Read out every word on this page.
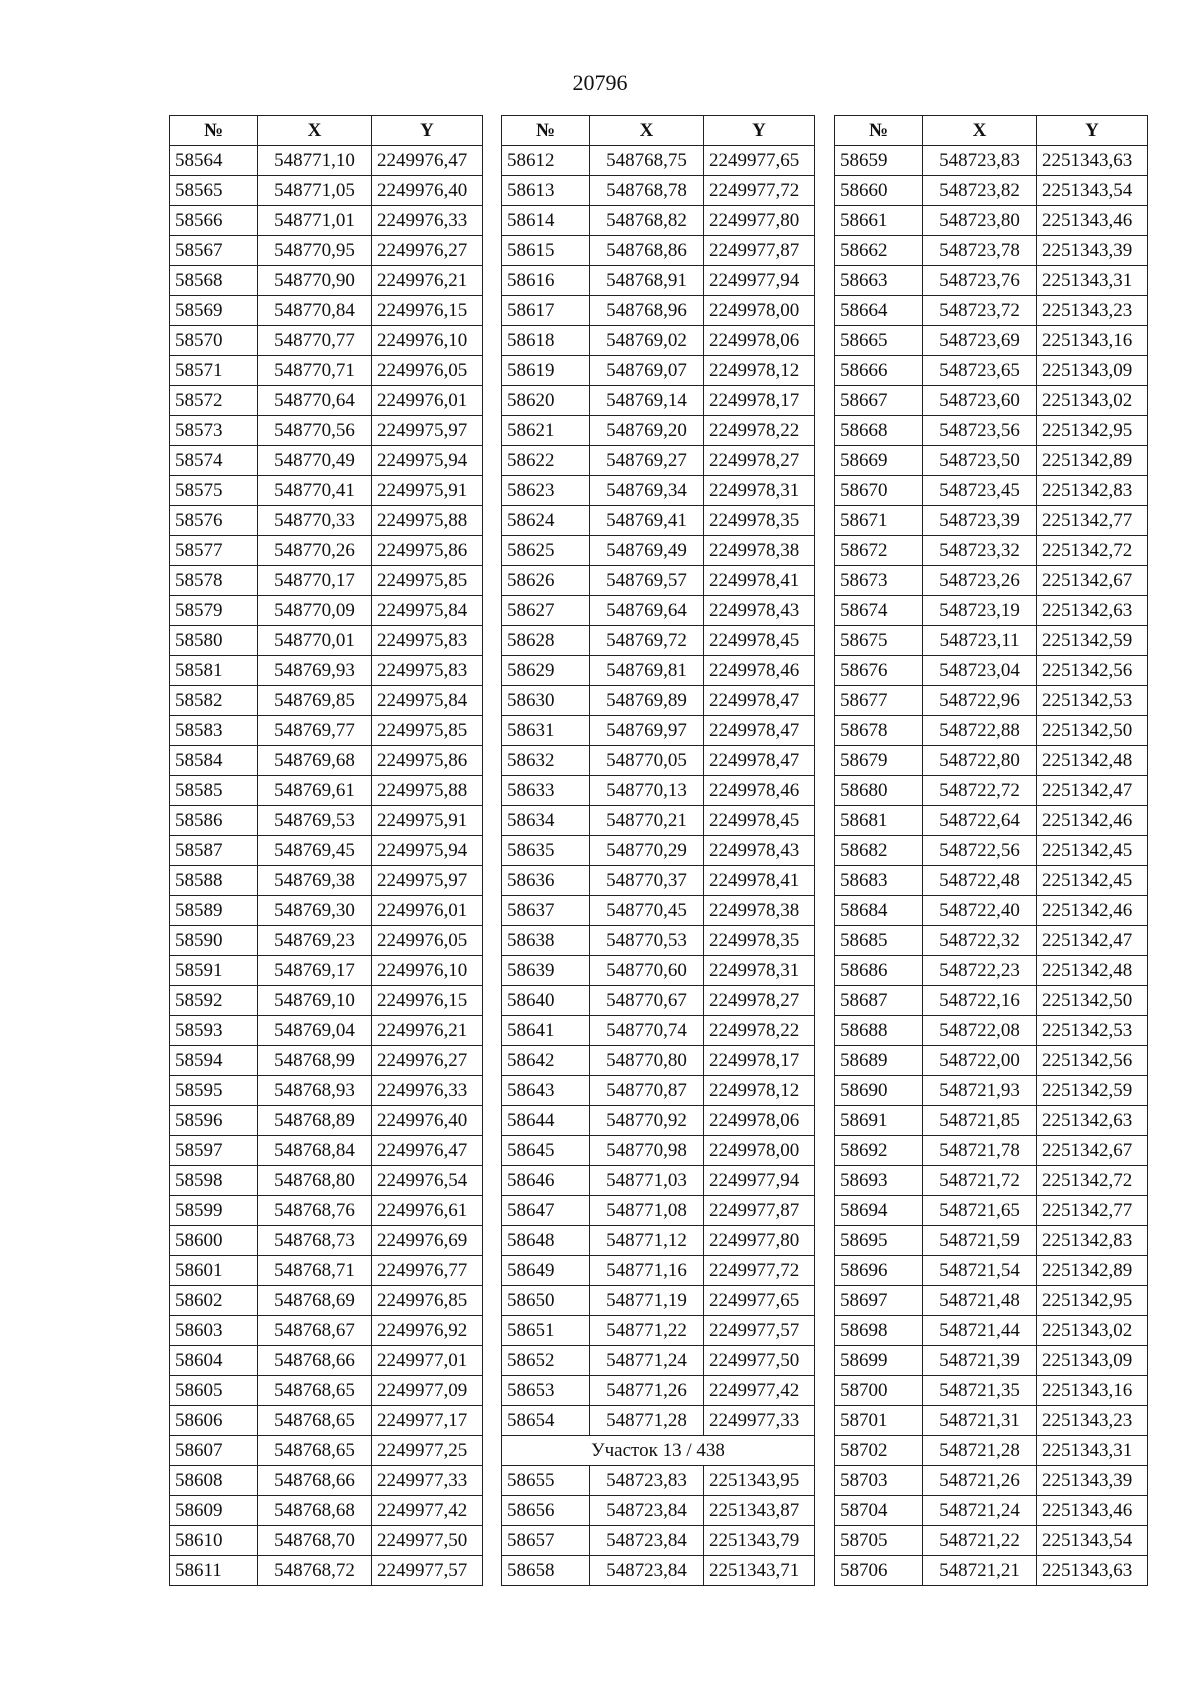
20796
№	X	Y
58564	548771,10	2249976,47
58565	548771,05	2249976,40
58566	548771,01	2249976,33
58567	548770,95	2249976,27
58568	548770,90	2249976,21
58569	548770,84	2249976,15
58570	548770,77	2249976,10
58571	548770,71	2249976,05
58572	548770,64	2249976,01
58573	548770,56	2249975,97
58574	548770,49	2249975,94
58575	548770,41	2249975,91
58576	548770,33	2249975,88
58577	548770,26	2249975,86
58578	548770,17	2249975,85
58579	548770,09	2249975,84
58580	548770,01	2249975,83
58581	548769,93	2249975,83
58582	548769,85	2249975,84
58583	548769,77	2249975,85
58584	548769,68	2249975,86
58585	548769,61	2249975,88
58586	548769,53	2249975,91
58587	548769,45	2249975,94
58588	548769,38	2249975,97
58589	548769,30	2249976,01
58590	548769,23	2249976,05
58591	548769,17	2249976,10
58592	548769,10	2249976,15
58593	548769,04	2249976,21
58594	548768,99	2249976,27
58595	548768,93	2249976,33
58596	548768,89	2249976,40
58597	548768,84	2249976,47
58598	548768,80	2249976,54
58599	548768,76	2249976,61
58600	548768,73	2249976,69
58601	548768,71	2249976,77
58602	548768,69	2249976,85
58603	548768,67	2249976,92
58604	548768,66	2249977,01
58605	548768,65	2249977,09
58606	548768,65	2249977,17
58607	548768,65	2249977,25
58608	548768,66	2249977,33
58609	548768,68	2249977,42
58610	548768,70	2249977,50
58611	548768,72	2249977,57
№	X	Y
58612	548768,75	2249977,65
58613	548768,78	2249977,72
58614	548768,82	2249977,80
58615	548768,86	2249977,87
58616	548768,91	2249977,94
58617	548768,96	2249978,00
58618	548769,02	2249978,06
58619	548769,07	2249978,12
58620	548769,14	2249978,17
58621	548769,20	2249978,22
58622	548769,27	2249978,27
58623	548769,34	2249978,31
58624	548769,41	2249978,35
58625	548769,49	2249978,38
58626	548769,57	2249978,41
58627	548769,64	2249978,43
58628	548769,72	2249978,45
58629	548769,81	2249978,46
58630	548769,89	2249978,47
58631	548769,97	2249978,47
58632	548770,05	2249978,47
58633	548770,13	2249978,46
58634	548770,21	2249978,45
58635	548770,29	2249978,43
58636	548770,37	2249978,41
58637	548770,45	2249978,38
58638	548770,53	2249978,35
58639	548770,60	2249978,31
58640	548770,67	2249978,27
58641	548770,74	2249978,22
58642	548770,80	2249978,17
58643	548770,87	2249978,12
58644	548770,92	2249978,06
58645	548770,98	2249978,00
58646	548771,03	2249977,94
58647	548771,08	2249977,87
58648	548771,12	2249977,80
58649	548771,16	2249977,72
58650	548771,19	2249977,65
58651	548771,22	2249977,57
58652	548771,24	2249977,50
58653	548771,26	2249977,42
58654	548771,28	2249977,33
Участок 13 / 438		
58655	548723,83	2251343,95
58656	548723,84	2251343,87
58657	548723,84	2251343,79
58658	548723,84	2251343,71
№	X	Y
58659	548723,83	2251343,63
58660	548723,82	2251343,54
58661	548723,80	2251343,46
58662	548723,78	2251343,39
58663	548723,76	2251343,31
58664	548723,72	2251343,23
58665	548723,69	2251343,16
58666	548723,65	2251343,09
58667	548723,60	2251343,02
58668	548723,56	2251342,95
58669	548723,50	2251342,89
58670	548723,45	2251342,83
58671	548723,39	2251342,77
58672	548723,32	2251342,72
58673	548723,26	2251342,67
58674	548723,19	2251342,63
58675	548723,11	2251342,59
58676	548723,04	2251342,56
58677	548722,96	2251342,53
58678	548722,88	2251342,50
58679	548722,80	2251342,48
58680	548722,72	2251342,47
58681	548722,64	2251342,46
58682	548722,56	2251342,45
58683	548722,48	2251342,45
58684	548722,40	2251342,46
58685	548722,32	2251342,47
58686	548722,23	2251342,48
58687	548722,16	2251342,50
58688	548722,08	2251342,53
58689	548722,00	2251342,56
58690	548721,93	2251342,59
58691	548721,85	2251342,63
58692	548721,78	2251342,67
58693	548721,72	2251342,72
58694	548721,65	2251342,77
58695	548721,59	2251342,83
58696	548721,54	2251342,89
58697	548721,48	2251342,95
58698	548721,44	2251343,02
58699	548721,39	2251343,09
58700	548721,35	2251343,16
58701	548721,31	2251343,23
58702	548721,28	2251343,31
58703	548721,26	2251343,39
58704	548721,24	2251343,46
58705	548721,22	2251343,54
58706	548721,21	2251343,63
